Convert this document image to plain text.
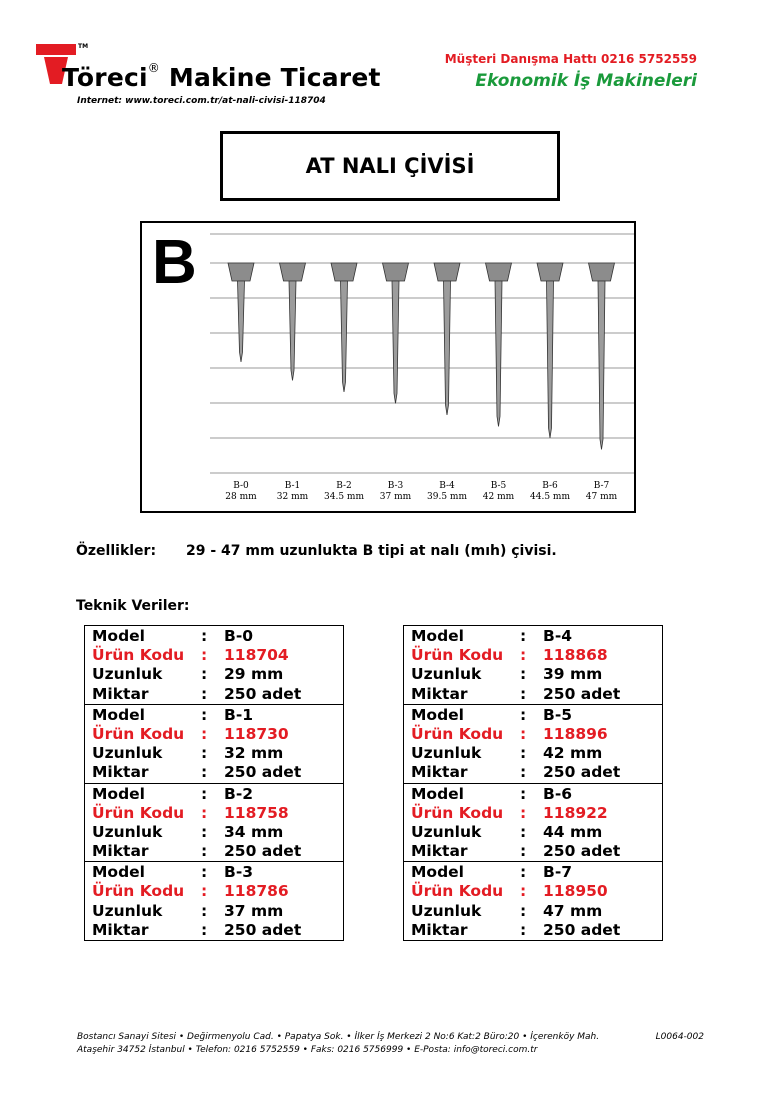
TM
Töreci® Makine Ticaret
Internet: www.toreci.com.tr/at-nali-civisi-118704
Müşteri Danışma Hattı 0216 5752559
Ekonomik İş Makineleri
AT NALI ÇİVİSİ
B
B-0
28 mm
B-1
32 mm
B-2
34.5 mm
B-3
37 mm
B-4
39.5 mm
B-5
42 mm
B-6
44.5 mm
B-7
47 mm
Özellikler: 29 - 47 mm uzunlukta B tipi at nalı (mıh) çivisi.
Teknik Veriler:
Model	: B-0
Ürün Kodu : 118704
Uzunluk : 29 mm
Miktar	: 250 adet
Model	: B-1
Ürün Kodu : 118730
Uzunluk : 32 mm
Miktar	: 250 adet
Model	: B-2
Ürün Kodu : 118758
Uzunluk : 34 mm
Miktar	: 250 adet
Model	: B-3
Ürün Kodu : 118786
Uzunluk : 37 mm
Miktar	: 250 adet
Model	: B-4
Ürün Kodu : 118868
Uzunluk : 39 mm
Miktar	: 250 adet
Model	: B-5
Ürün Kodu : 118896
Uzunluk : 42 mm
Miktar	: 250 adet
Model	: B-6
Ürün Kodu : 118922
Uzunluk : 44 mm
Miktar	: 250 adet
Model	: B-7
Ürün Kodu : 118950
Uzunluk : 47 mm
Miktar	: 250 adet
Bostancı Sanayi Sitesi • Değirmenyolu Cad. • Papatya Sok. • İlker İş Merkezi 2 No:6 Kat:2 Büro:20 • İçerenköy Mah.
Ataşehir 34752 İstanbul • Telefon: 0216 5752559 • Faks: 0216 5756999 • E-Posta: info@toreci.com.tr
L0064-002
